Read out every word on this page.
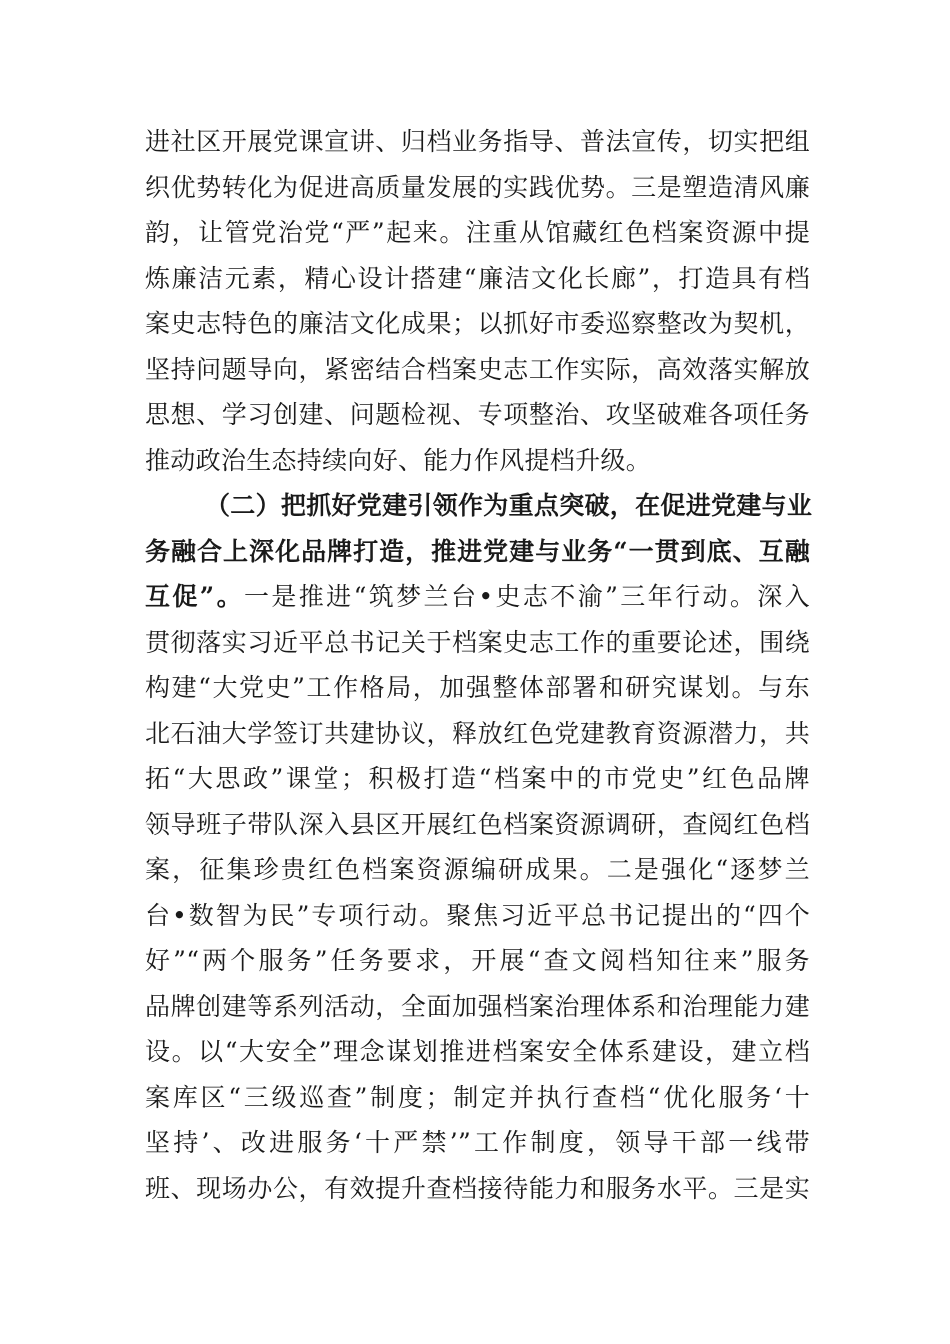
进社区开展党课宣讲、归档业务指导、普法宣传，切实把组
织优势转化为促进高质量发展的实践优势。三是塑造清风廉
韵，让管党治党“严”起来。注重从馆藏红色档案资源中提
炼廉洁元素，精心设计搭建“廉洁文化长廊”，打造具有档
案史志特色的廉洁文化成果；以抓好市委巡察整改为契机，
坚持问题导向，紧密结合档案史志工作实际，高效落实解放
思想、学习创建、问题检视、专项整治、攻坚破难各项任务
推动政治生态持续向好、能力作风提档升级。
（二）把抓好党建引领作为重点突破，在促进党建与业
务融合上深化品牌打造，推进党建与业务“一贯到底、互融
互促”。一是推进“筑梦兰台•史志不渝”三年行动。深入
贯彻落实习近平总书记关于档案史志工作的重要论述，围绕
构建“大党史”工作格局，加强整体部署和研究谋划。与东
北石油大学签订共建协议，释放红色党建教育资源潜力，共
拓“大思政”课堂；积极打造“档案中的市党史”红色品牌
领导班子带队深入县区开展红色档案资源调研，查阅红色档
案，征集珍贵红色档案资源编研成果。二是强化“逐梦兰
台•数智为民”专项行动。聚焦习近平总书记提出的“四个
好”“两个服务”任务要求，开展“查文阅档知往来”服务
品牌创建等系列活动，全面加强档案治理体系和治理能力建
设。以“大安全”理念谋划推进档案安全体系建设，建立档
案库区“三级巡查”制度；制定并执行查档“优化服务‘十
坚持’、改进服务‘十严禁’”工作制度，领导干部一线带
班、现场办公，有效提升查档接待能力和服务水平。三是实
